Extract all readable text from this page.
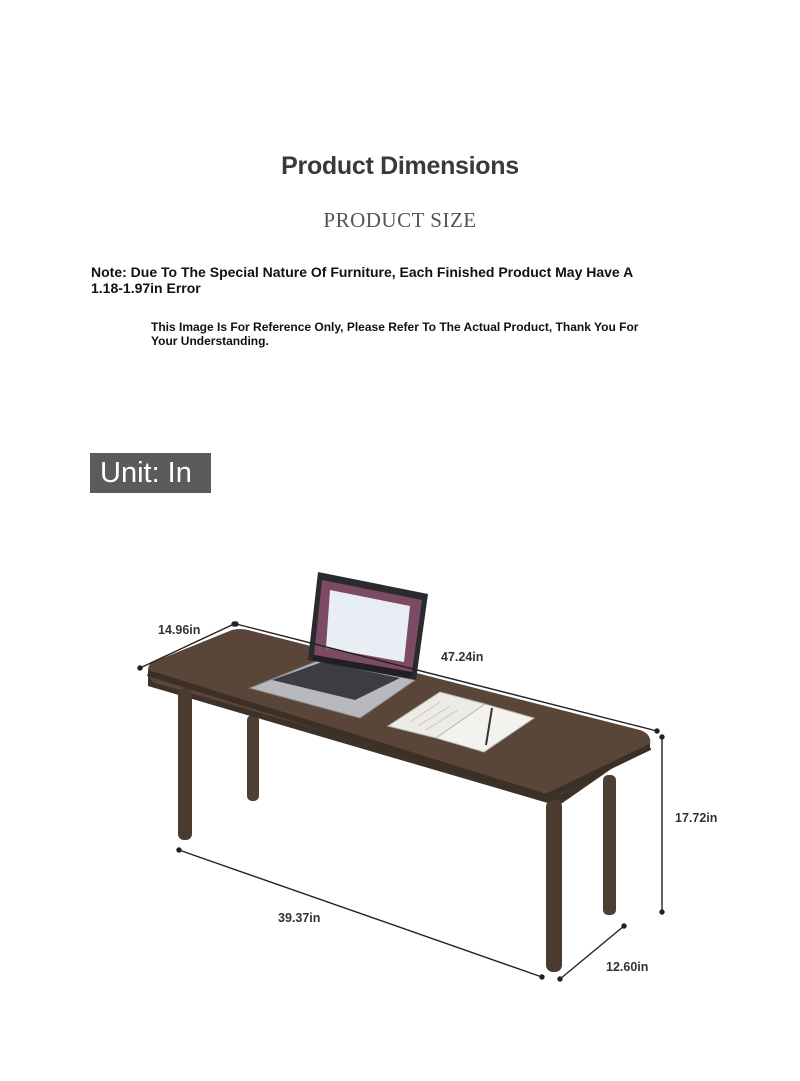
Product Dimensions
PRODUCT SIZE
Note: Due To The Special Nature Of Furniture, Each Finished Product May Have A 1.18-1.97in Error
This Image Is For Reference Only, Please Refer To The Actual Product, Thank You For Your Understanding.
Unit: In
14.96in
47.24in
17.72in
39.37in
12.60in
